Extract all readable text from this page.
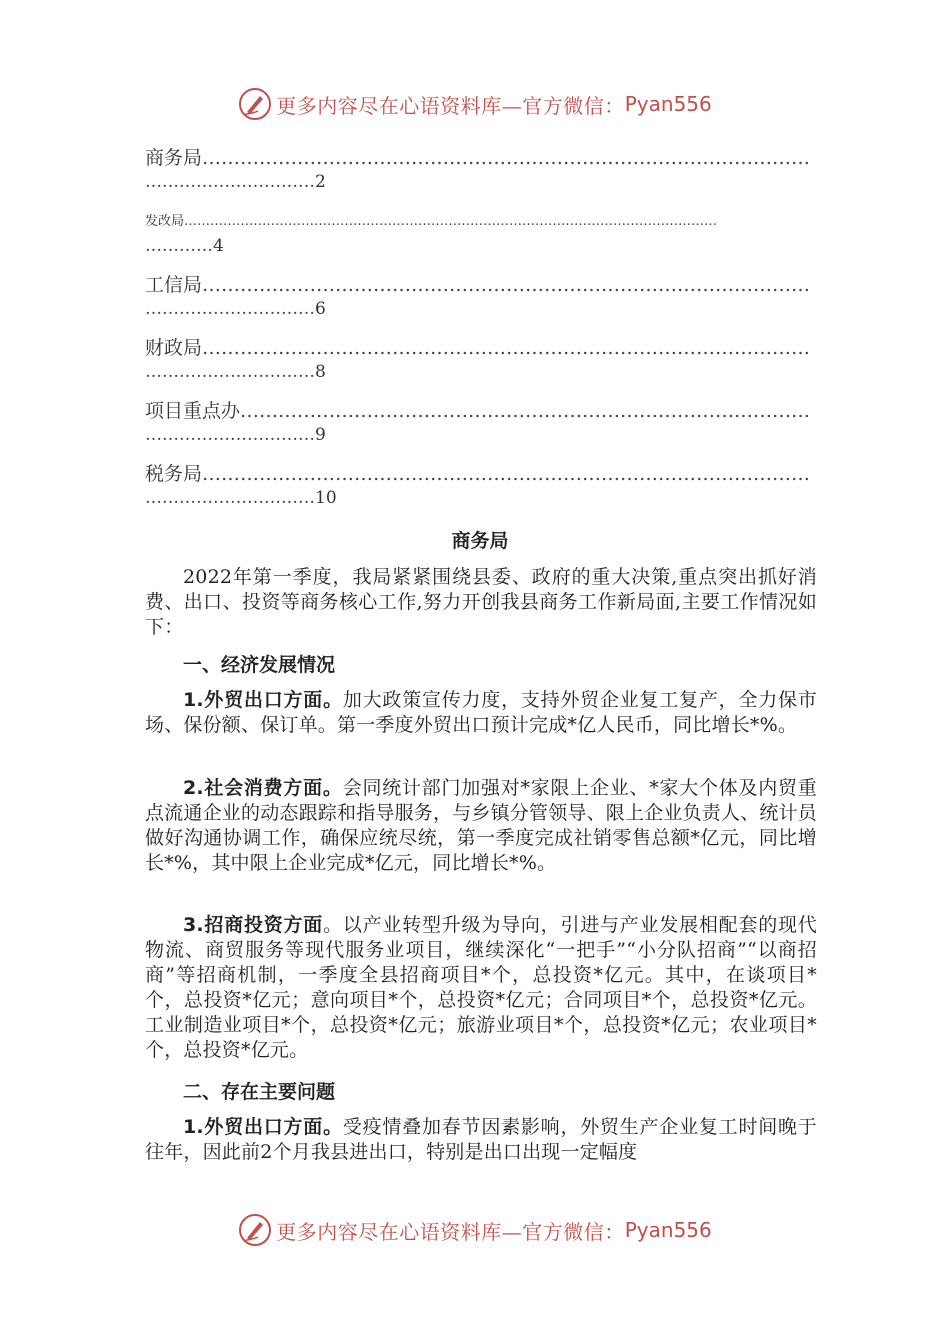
更多内容尽在心语资料库—官方微信： Pyan556
商务局……………………………………………………………………………………
…………………………2
发改局……………………………………………………………………………………………………………
…………4
工信局……………………………………………………………………………………
…………………………6
财政局……………………………………………………………………………………
…………………………8
项目重点办………………………………………………………………………………
…………………………9
税务局……………………………………………………………………………………
…………………………10
商务局
2022年第一季度，我局紧紧围绕县委、政府的重大决策,重点突出抓好消费、出口、投资等商务核心工作,努力开创我县商务工作新局面,主要工作情况如下：
一、经济发展情况
1.外贸出口方面。加大政策宣传力度，支持外贸企业复工复产，全力保市场、保份额、保订单。第一季度外贸出口预计完成*亿人民币，同比增长*%。
2.社会消费方面。会同统计部门加强对*家限上企业、*家大个体及内贸重点流通企业的动态跟踪和指导服务，与乡镇分管领导、限上企业负责人、统计员做好沟通协调工作，确保应统尽统，第一季度完成社销零售总额*亿元，同比增长*%，其中限上企业完成*亿元，同比增长*%。
3.招商投资方面。以产业转型升级为导向，引进与产业发展相配套的现代物流、商贸服务等现代服务业项目，继续深化“一把手”“小分队招商”“以商招商”等招商机制，一季度全县招商项目*个，总投资*亿元。其中，在谈项目*个，总投资*亿元；意向项目*个，总投资*亿元；合同项目*个，总投资*亿元。工业制造业项目*个，总投资*亿元；旅游业项目*个，总投资*亿元；农业项目*个，总投资*亿元。
二、存在主要问题
1.外贸出口方面。受疫情叠加春节因素影响，外贸生产企业复工时间晚于往年，因此前2个月我县进出口，特别是出口出现一定幅度
更多内容尽在心语资料库—官方微信： Pyan556
